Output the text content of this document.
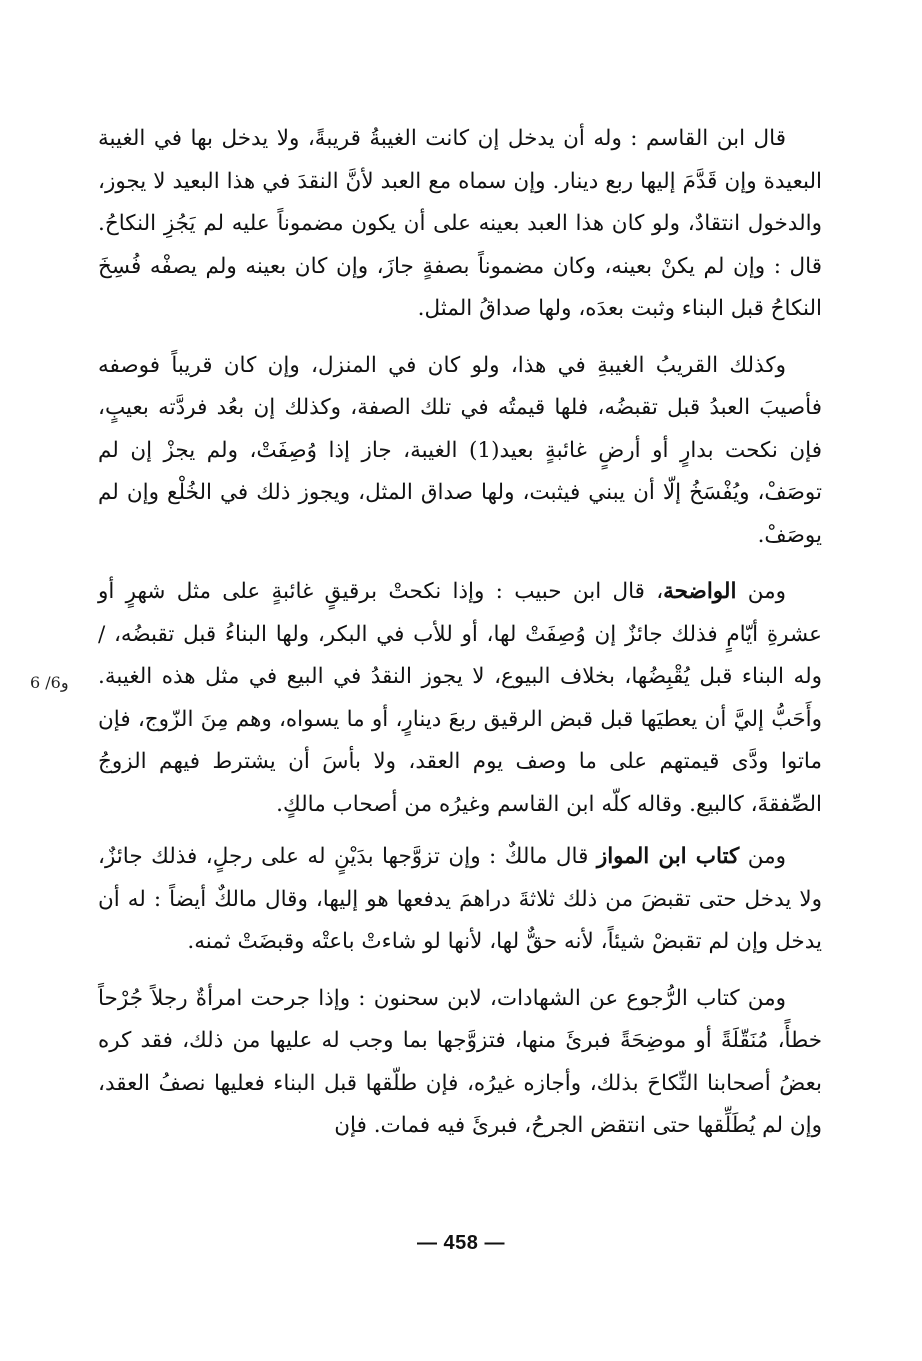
قال ابن القاسم : وله أن يدخل إن كانت الغيبةُ قريبةً، ولا يدخل بها في الغيبة البعيدة وإن قَدَّمَ إليها ربع دينار. وإن سماه مع العبد لأنَّ النقدَ في هذا البعيد لا يجوز، والدخول انتقادٌ، ولو كان هذا العبد بعينه على أن يكون مضموناً عليه لم يَجُزِ النكاحُ. قال : وإن لم يكنْ بعينه، وكان مضموناً بصفةٍ جازَ، وإن كان بعينه ولم يصفْه فُسِخَ النكاحُ قبل البناء وثبت بعدَه، ولها صداقُ المثل.

وكذلك القريبُ الغيبةِ في هذا، ولو كان في المنزل، وإن كان قريباً فوصفه فأصيبَ العبدُ قبل تقبضُه، فلها قيمتُه في تلك الصفة، وكذلك إن بعُد فردَّته بعيبٍ، فإن نكحت بدارٍ أو أرضٍ غائبةٍ بعيد(1) الغيبة، جاز إذا وُصِفَتْ، ولم يجزْ إن لم توصَفْ، ويُفْسَخُ إلّا أن يبني فيثبت، ولها صداق المثل، ويجوز ذلك في الخُلْع وإن لم يوصَفْ.

ومن الواضحة، قال ابن حبيب : وإذا نكحتْ برقيقٍ غائبةٍ على مثل شهرٍ أو عشرةِ أيّامٍ فذلك جائزٌ إن وُصِفَتْ لها، أو للأب في البكر، ولها البناءُ قبل تقبضُه، / وله البناء قبل يُقْبِضُها، بخلاف البيوع، لا يجوز النقدُ في البيع في مثل هذه الغيبة. وأَحَبُّ إليَّ أن يعطيَها قبل قبض الرقيق ربعَ دينارٍ، أو ما يسواه، وهم مِنَ الزّوج، فإن ماتوا ودَّى قيمتهم على ما وصف يوم العقد، ولا بأسَ أن يشترط فيهم الزوجُ الصِّفقةَ، كالبيع. وقاله كلّه ابن القاسم وغيرُه من أصحاب مالكٍ.

ومن كتاب ابن المواز قال مالكٌ : وإن تزوَّجها بدَيْنٍ له على رجلٍ، فذلك جائزٌ، ولا يدخل حتى تقبضَ من ذلك ثلاثةَ دراهمَ يدفعها هو إليها، وقال مالكٌ أيضاً : له أن يدخل وإن لم تقبضْ شيئاً، لأنه حقٌّ لها، لأنها لو شاءتْ باعتْه وقبضَتْ ثمنه.

ومن كتاب الرُّجوع عن الشهادات، لابن سحنون : وإذا جرحت امرأةٌ رجلاً جُرْحاً خطأً، مُنَقّلَةً أو موضِحَةً فبرئَ منها، فتزوَّجها بما وجب له عليها من ذلك، فقد كره بعضُ أصحابنا النِّكاحَ بذلك، وأجازه غيرُه، فإن طلّقها قبل البناء فعليها نصفُ العقد، وإن لم يُطَلِّقها حتى انتقض الجرحُ، فبرئَ فيه فمات. فإن

6 /6و
— 458 —
